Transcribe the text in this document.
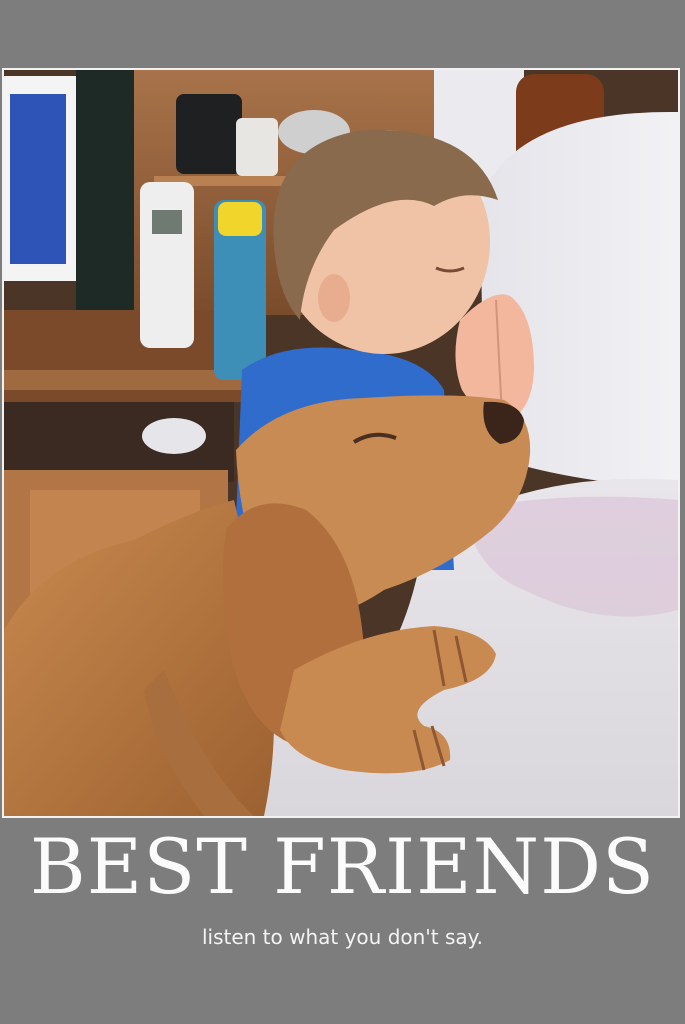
BEST FRIENDS
listen to what you don't say.
